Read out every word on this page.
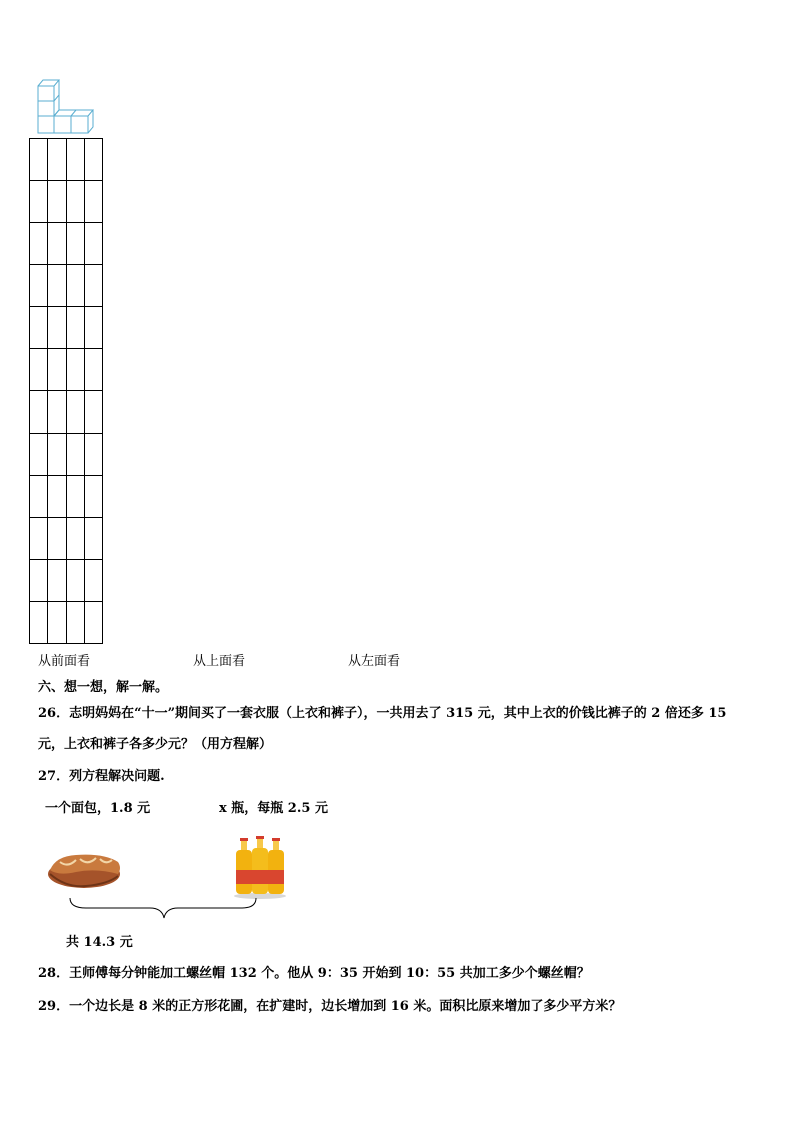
从前面看	从上面看	从左面看
六、想一想，解一解。
26．志明妈妈在“十一”期间买了一套衣服（上衣和裤子），一共用去了 315 元，其中上衣的价钱比裤子的 2 倍还多 15
元，上衣和裤子各多少元？（用方程解）
27．列方程解决问题.
一个面包，1.8 元	x 瓶，每瓶 2.5 元
共 14.3 元
28．王师傅每分钟能加工螺丝帽 132 个。他从 9：35 开始到 10：55 共加工多少个螺丝帽？
29．一个边长是 8 米的正方形花圃，在扩建时，边长增加到 16 米。面积比原来增加了多少平方米？
